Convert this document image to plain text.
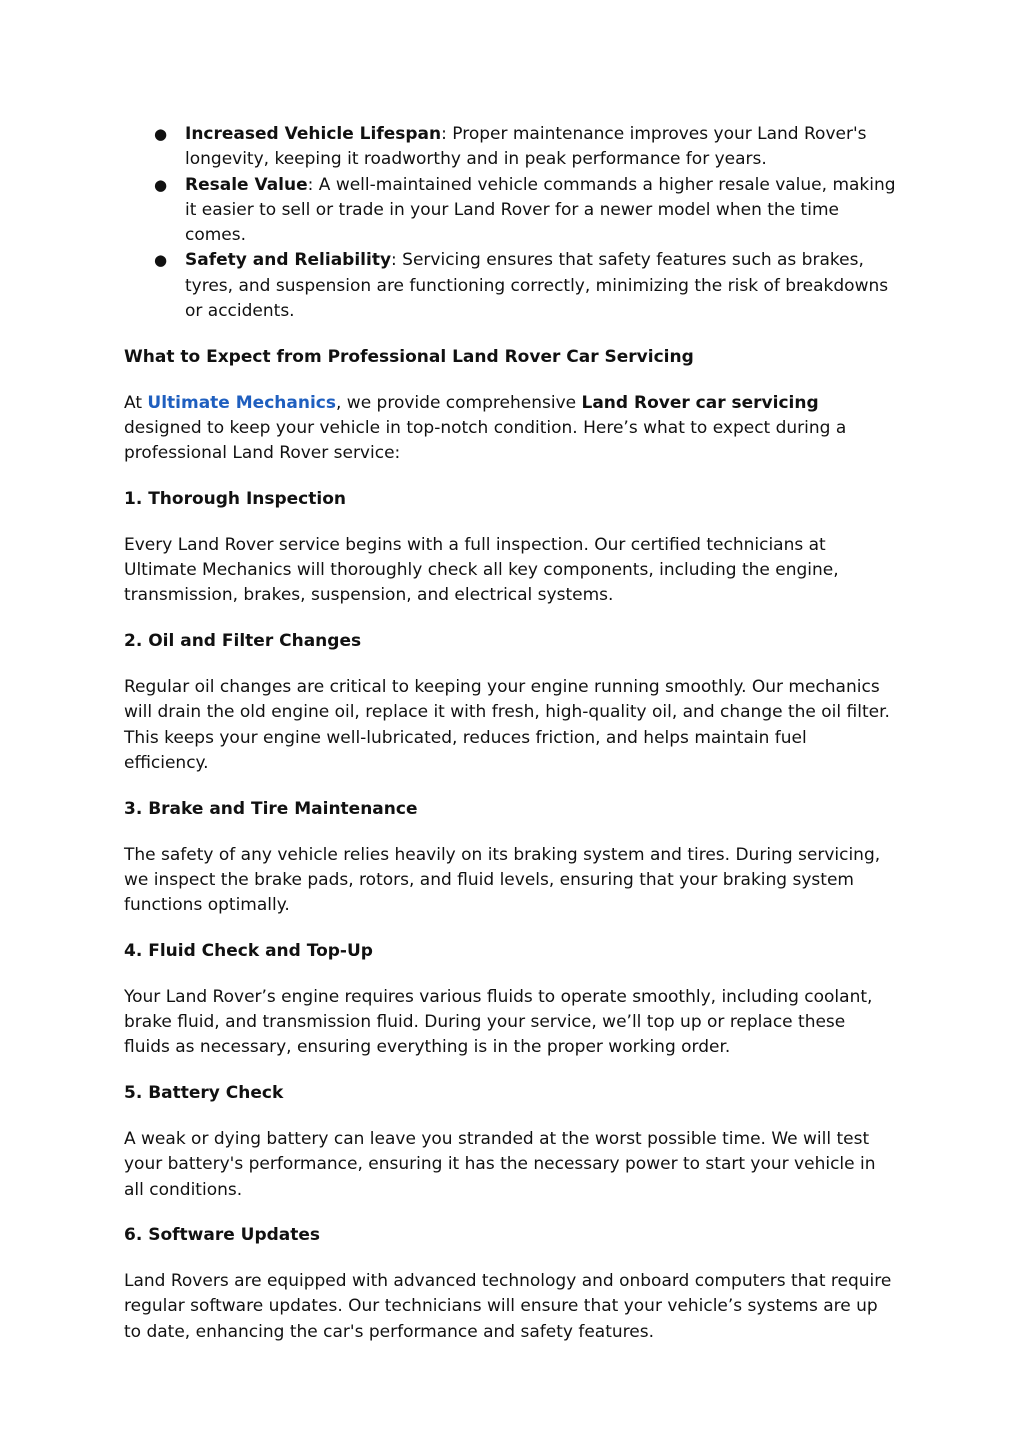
● Increased Vehicle Lifespan: Proper maintenance improves your Land Rover's longevity, keeping it roadworthy and in peak performance for years.
● Resale Value: A well-maintained vehicle commands a higher resale value, making it easier to sell or trade in your Land Rover for a newer model when the time comes.
● Safety and Reliability: Servicing ensures that safety features such as brakes, tyres, and suspension are functioning correctly, minimizing the risk of breakdowns or accidents.
What to Expect from Professional Land Rover Car Servicing

At Ultimate Mechanics, we provide comprehensive Land Rover car servicing designed to keep your vehicle in top-notch condition. Here’s what to expect during a professional Land Rover service:

1. Thorough Inspection

Every Land Rover service begins with a full inspection. Our certified technicians at Ultimate Mechanics will thoroughly check all key components, including the engine, transmission, brakes, suspension, and electrical systems.

2. Oil and Filter Changes

Regular oil changes are critical to keeping your engine running smoothly. Our mechanics will drain the old engine oil, replace it with fresh, high-quality oil, and change the oil filter. This keeps your engine well-lubricated, reduces friction, and helps maintain fuel efficiency.

3. Brake and Tire Maintenance

The safety of any vehicle relies heavily on its braking system and tires. During servicing, we inspect the brake pads, rotors, and fluid levels, ensuring that your braking system functions optimally.

4. Fluid Check and Top-Up

Your Land Rover’s engine requires various fluids to operate smoothly, including coolant, brake fluid, and transmission fluid. During your service, we’ll top up or replace these fluids as necessary, ensuring everything is in the proper working order.

5. Battery Check

A weak or dying battery can leave you stranded at the worst possible time. We will test your battery's performance, ensuring it has the necessary power to start your vehicle in all conditions.

6. Software Updates

Land Rovers are equipped with advanced technology and onboard computers that require regular software updates. Our technicians will ensure that your vehicle’s systems are up to date, enhancing the car's performance and safety features.
